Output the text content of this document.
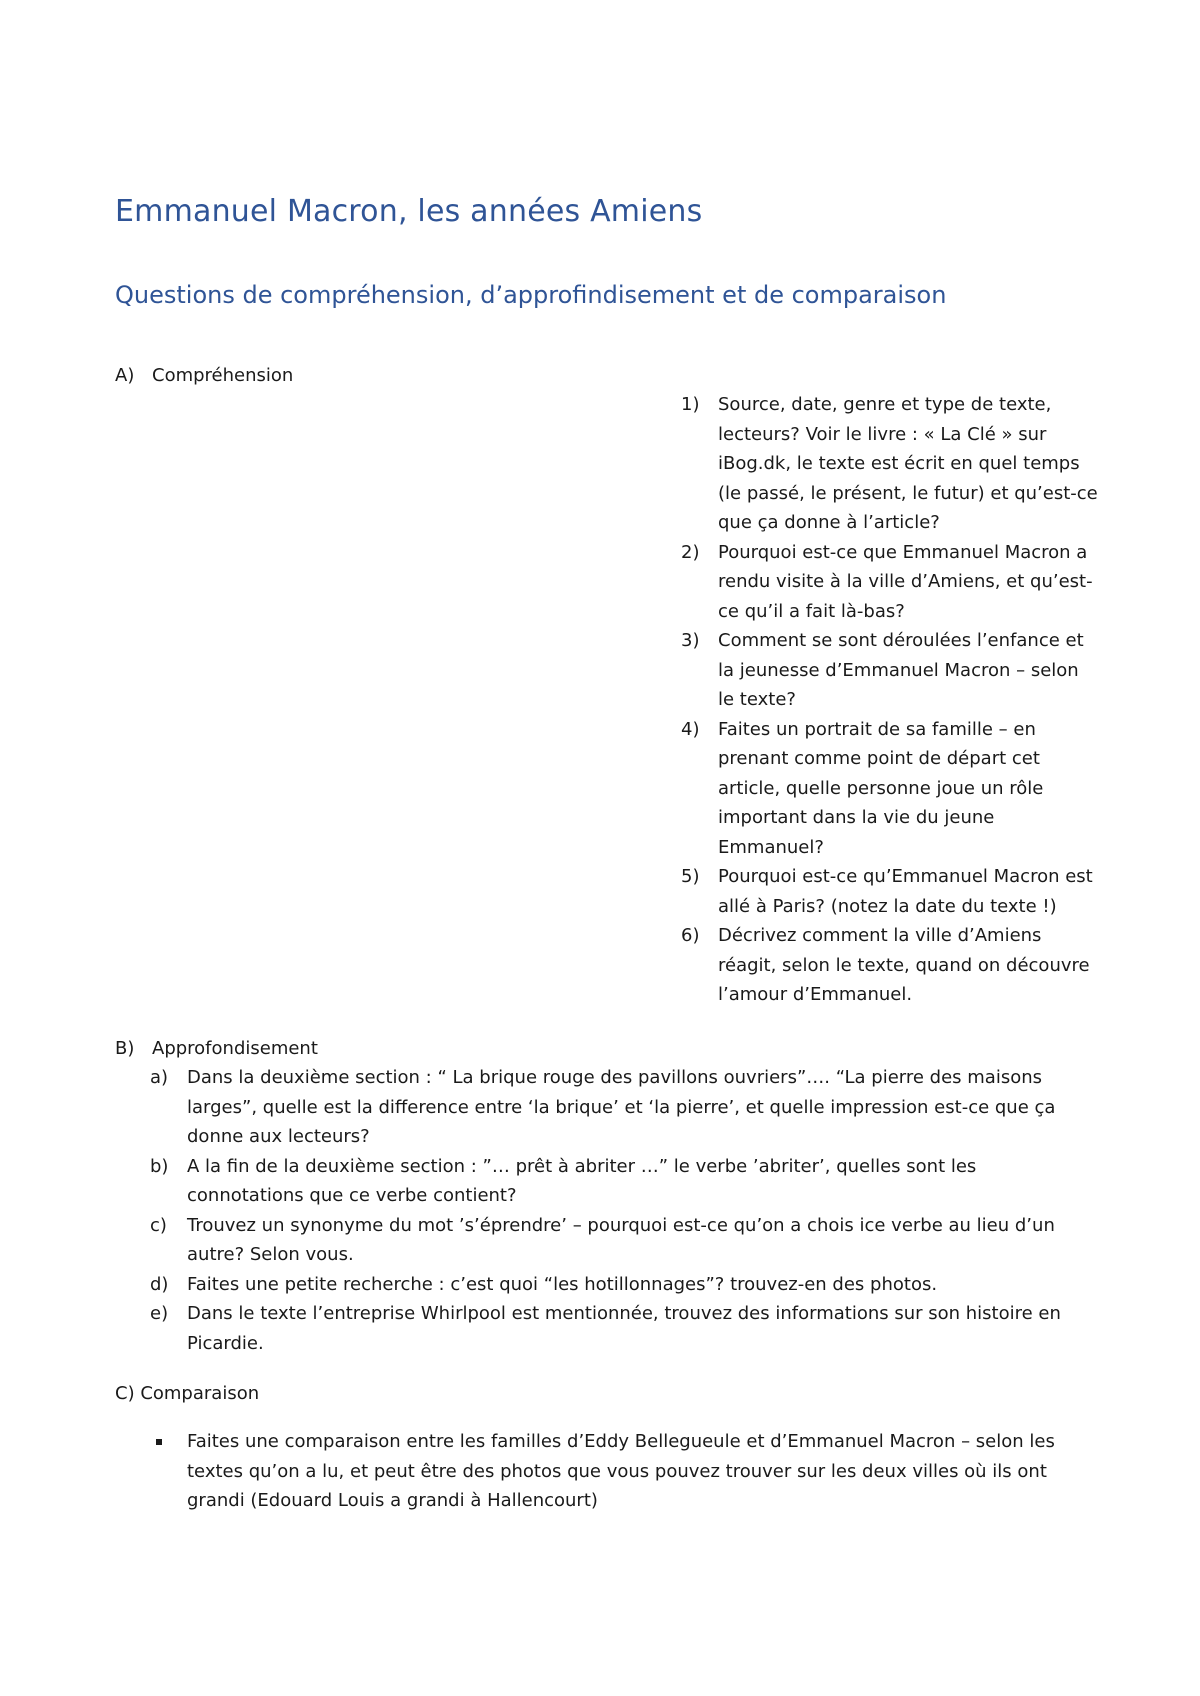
Emmanuel Macron, les années Amiens
Questions de compréhension, d’approfindisement et de comparaison
A) Compréhension
1) Source, date, genre et type de texte, lecteurs? Voir le livre : « La Clé » sur iBog.dk, le texte est écrit en quel temps (le passé, le présent, le futur) et qu’est-ce que ça donne à l’article?
2) Pourquoi est-ce que Emmanuel Macron a rendu visite à la ville d’Amiens, et qu’est-ce qu’il a fait là-bas?
3) Comment se sont déroulées l’enfance et la jeunesse d’Emmanuel Macron – selon le texte?
4) Faites un portrait de sa famille – en prenant comme point de départ cet article, quelle personne joue un rôle important dans la vie du jeune Emmanuel?
5) Pourquoi est-ce qu’Emmanuel Macron est allé à Paris? (notez la date du texte !)
6) Décrivez comment la ville d’Amiens réagit, selon le texte, quand on découvre l’amour d’Emmanuel.
B) Approfondisement
a) Dans la deuxième section : “ La brique rouge des pavillons ouvriers”…. “La pierre des maisons larges”, quelle est la difference entre ‘la brique’ et ‘la pierre’, et quelle impression est-ce que ça donne aux lecteurs?
b) A la fin de la deuxième section : ”… prêt à abriter …” le verbe ’abriter’, quelles sont les connotations que ce verbe contient?
c) Trouvez un synonyme du mot ’s’éprendre’ – pourquoi est-ce qu’on a chois ice verbe au lieu d’un autre? Selon vous.
d) Faites une petite recherche : c’est quoi “les hotillonnages”? trouvez-en des photos.
e) Dans le texte l’entreprise Whirlpool est mentionnée, trouvez des informations sur son histoire en Picardie.
C) Comparaison
Faites une comparaison entre les familles d’Eddy Bellegueule et d’Emmanuel Macron – selon les textes qu’on a lu, et peut être des photos que vous pouvez trouver sur les deux villes où ils ont grandi (Edouard Louis a grandi à Hallencourt)
